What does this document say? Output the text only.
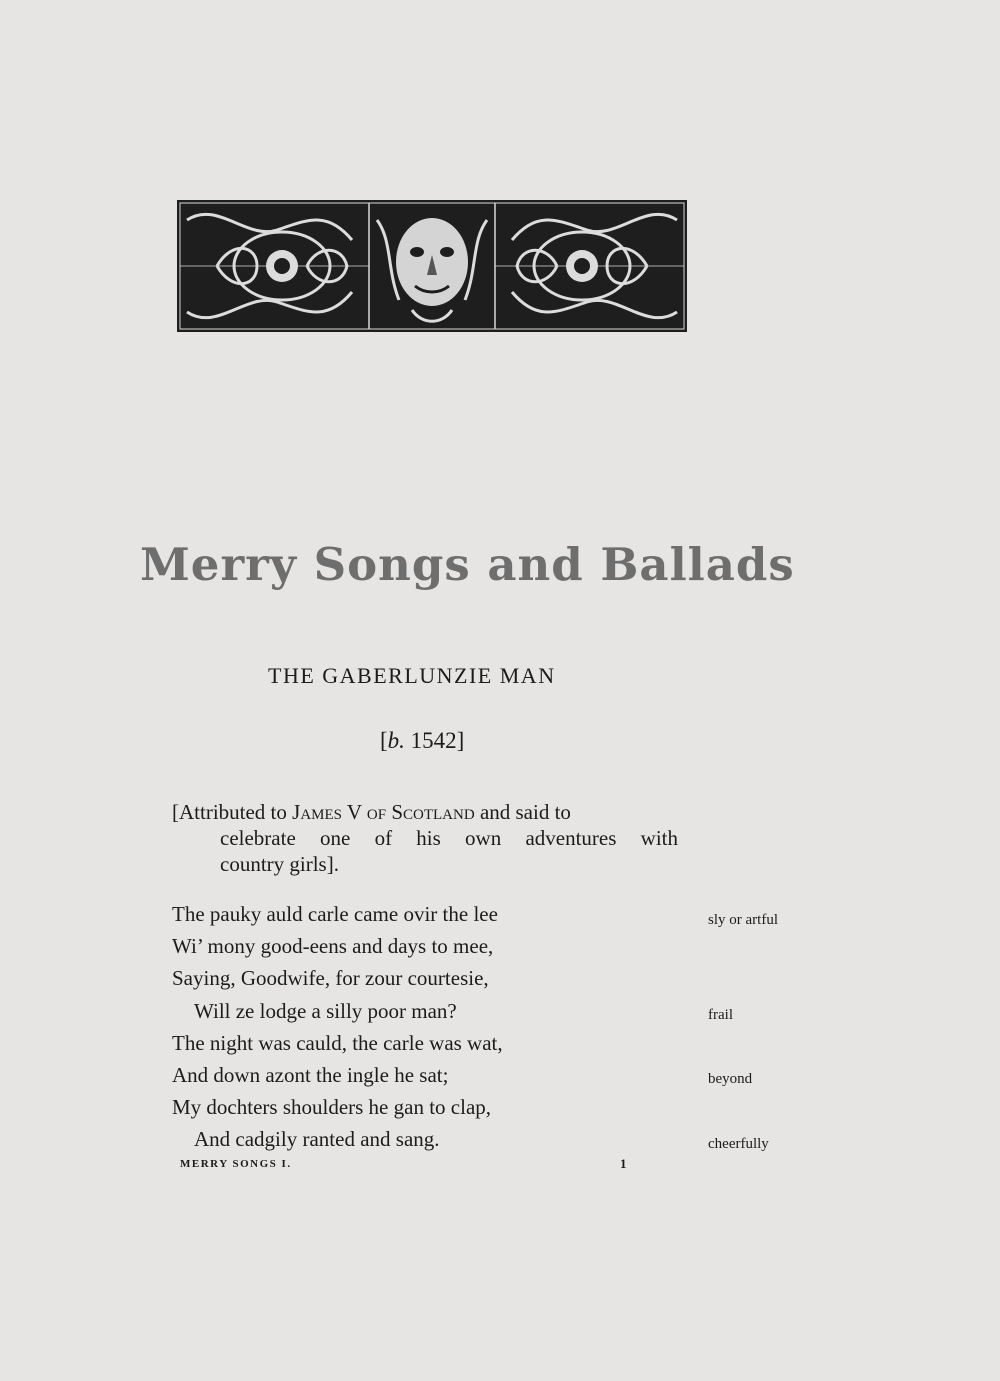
Merry Songs and Ballads
THE GABERLUNZIE MAN
[b. 1542]
[Attributed to James V of Scotland and said to
celebrate one of his own adventures with
country girls].
The pauky auld carle came ovir the lee
Wi’ mony good-eens and days to mee,
Saying, Goodwife, for zour courtesie,
Will ze lodge a silly poor man?
The night was cauld, the carle was wat,
And down azont the ingle he sat;
My dochters shoulders he gan to clap,
And cadgily ranted and sang.
sly or artful
frail
beyond
cheerfully
MERRY SONGS I.	1
